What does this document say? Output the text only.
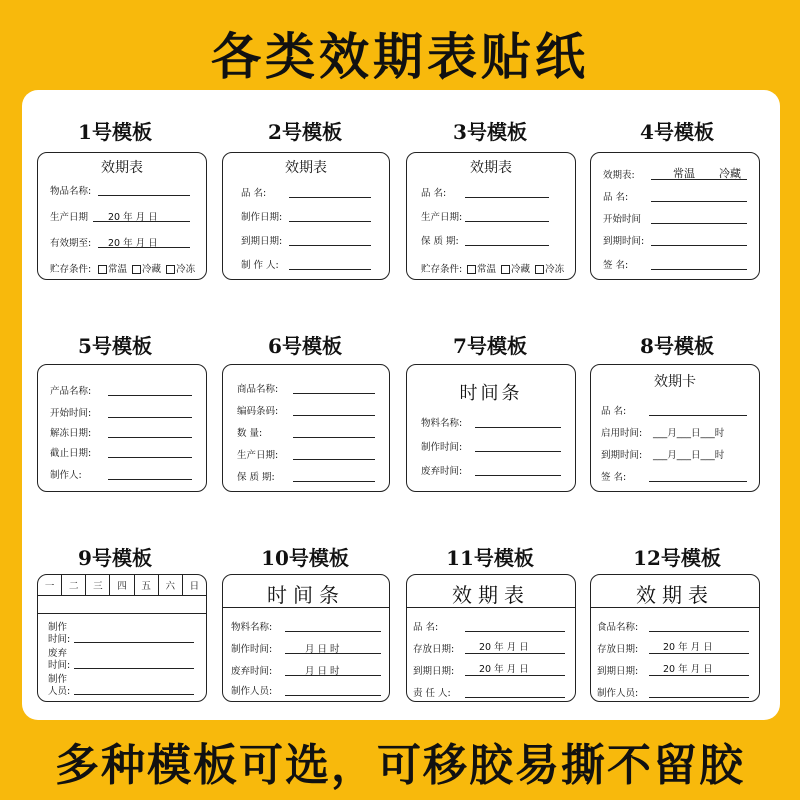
各类效期表贴纸
1号模板
效期表
物品名称:
生产日期 20 年 月 日
有效期至: 20 年 月 日
贮存条件:	常温 冷藏 冷冻
2号模板
效期表
品 名:
制作日期:
到期日期:
制 作 人:
3号模板
效期表
品 名:
生产日期:
保 质 期:
贮存条件:	常温 冷藏 冷冻
4号模板
效期表:	常温 冷藏
品 名:
开始时间
到期时间:
签 名:
5号模板
产品名称:
开始时间:
解冻日期:
截止日期:
制作人:
6号模板
商品名称:
编码条码:
数 量:
生产日期:
保 质 期:
7号模板
时间条
物料名称:
制作时间:
废弃时间:
8号模板
效期卡
品 名:
启用时间: ___月___日___时
到期时间: ___月___日___时
签 名:
9号模板
一	二	三	四	五	六	日
制作
时间:
废弃
时间:
制作
人员:
10号模板
时间条
物料名称:
制作时间:	月 日 时
废弃时间:	月 日 时
制作人员:
11号模板
效期表
品 名:
存放日期:	20 年 月 日
到期日期:	20 年 月 日
责 任 人:
12号模板
效期表
食品名称:
存放日期:	20 年 月 日
到期日期:	20 年 月 日
制作人员:
多种模板可选，可移胶易撕不留胶
